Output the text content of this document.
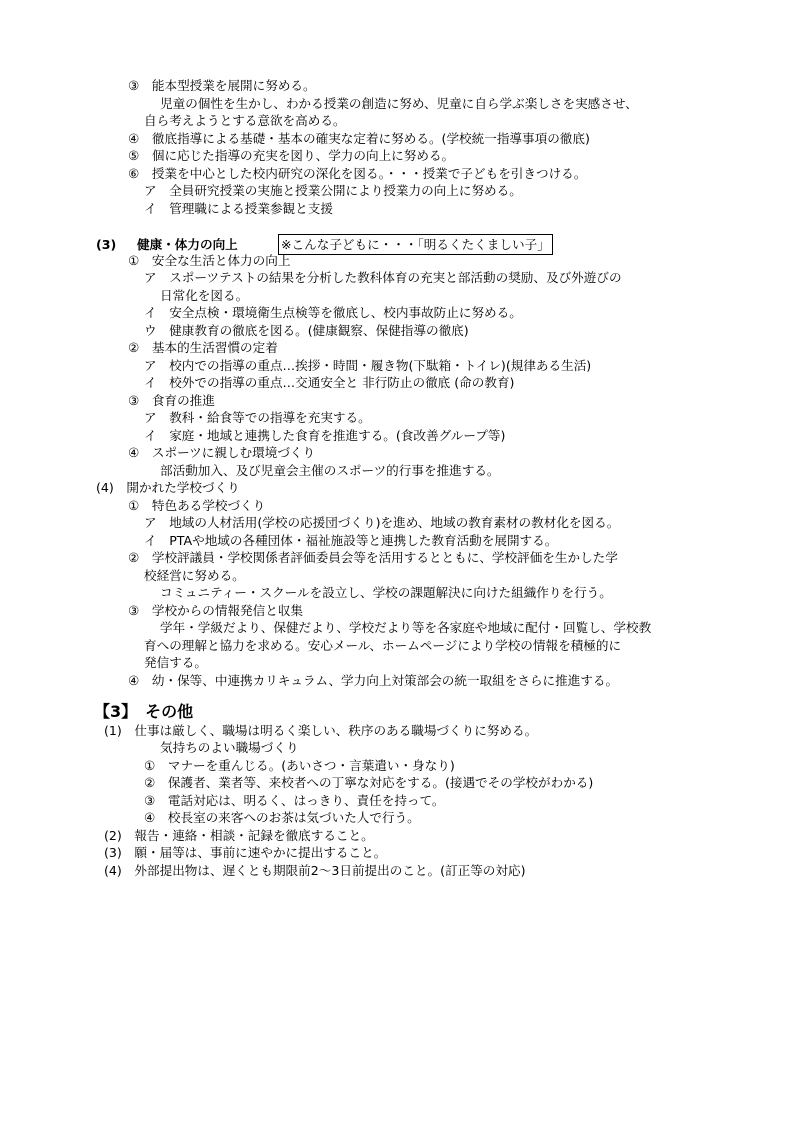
③　能本型授業を展開に努める。
児童の個性を生かし、わかる授業の創造に努め、児童に自ら学ぶ楽しさを実感させ、
自ら考えようとする意欲を高める。
④　徹底指導による基礎・基本の確実な定着に努める。(学校統一指導事項の徹底)
⑤　個に応じた指導の充実を図り、学力の向上に努める。
⑥　授業を中心とした校内研究の深化を図る。・・・授業で子どもを引きつける。
ア　全員研究授業の実施と授業公開により授業力の向上に努める。
イ　管理職による授業参観と支援
(3) 健康・体力の向上	※こんな子どもに・・・「明るくたくましい子」
①　安全な生活と体力の向上
ア　スポーツテストの結果を分析した教科体育の充実と部活動の奨励、及び外遊びの
日常化を図る。
イ　安全点検・環境衛生点検等を徹底し、校内事故防止に努める。
ウ　健康教育の徹底を図る。(健康観察、保健指導の徹底)
②　基本的生活習慣の定着
ア　校内での指導の重点…挨拶・時間・履き物(下駄箱・トイレ)(規律ある生活)
イ　校外での指導の重点…交通安全と 非行防止の徹底 (命の教育)
③　食育の推進
ア　教科・給食等での指導を充実する。
イ　家庭・地域と連携した食育を推進する。(食改善グループ等)
④　スポーツに親しむ環境づくり
部活動加入、及び児童会主催のスポーツ的行事を推進する。
(4)　開かれた学校づくり
①　特色ある学校づくり
ア　地域の人材活用(学校の応援団づくり)を進め、地域の教育素材の教材化を図る。
イ　PTAや地域の各種団体・福祉施設等と連携した教育活動を展開する。
②　学校評議員・学校関係者評価委員会等を活用するとともに、学校評価を生かした学
校経営に努める。
コミュニティー・スクールを設立し、学校の課題解決に向けた組織作りを行う。
③　学校からの情報発信と収集
学年・学級だより、保健だより、学校だより等を各家庭や地域に配付・回覧し、学校教
育への理解と協力を求める。安心メール、ホームページにより学校の情報を積極的に
発信する。
④　幼・保等、中連携カリキュラム、学力向上対策部会の統一取組をさらに推進する。
【3】　その他
(1)　仕事は厳しく、職場は明るく楽しい、秩序のある職場づくりに努める。
気持ちのよい職場づくり
①　マナーを重んじる。(あいさつ・言葉遣い・身なり)
②　保護者、業者等、来校者への丁寧な対応をする。(接遇でその学校がわかる)
③　電話対応は、明るく、はっきり、責任を持って。
④　校長室の来客へのお茶は気づいた人で行う。
(2)　報告・連絡・相談・記録を徹底すること。
(3)　願・届等は、事前に速やかに提出すること。
(4)　外部提出物は、遅くとも期限前2～3日前提出のこと。(訂正等の対応)
